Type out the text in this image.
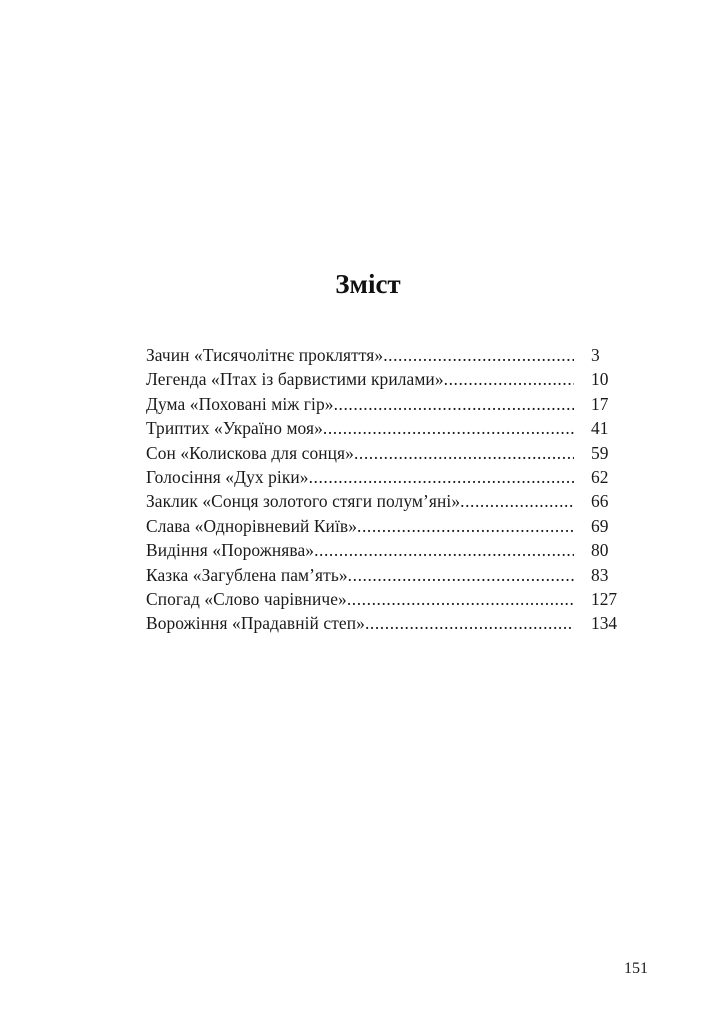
Зміст
Зачин «Тисячолітнє прокляття» .....	3
Легенда «Птах із барвистими крилами» .....	10
Дума «Поховані між гір» .....	17
Триптих «Україно моя» .....	41
Сон «Колискова для сонця» .....	59
Голосіння «Дух ріки» .....	62
Заклик «Сонця золотого стяги полум’яні» .....	66
Слава «Однорівневий Київ» .....	69
Видіння «Порожнява» .....	80
Казка «Загублена пам’ять» .....	83
Спогад «Слово чарівниче» .....	127
Ворожіння «Прадавній степ» .....	134
151
